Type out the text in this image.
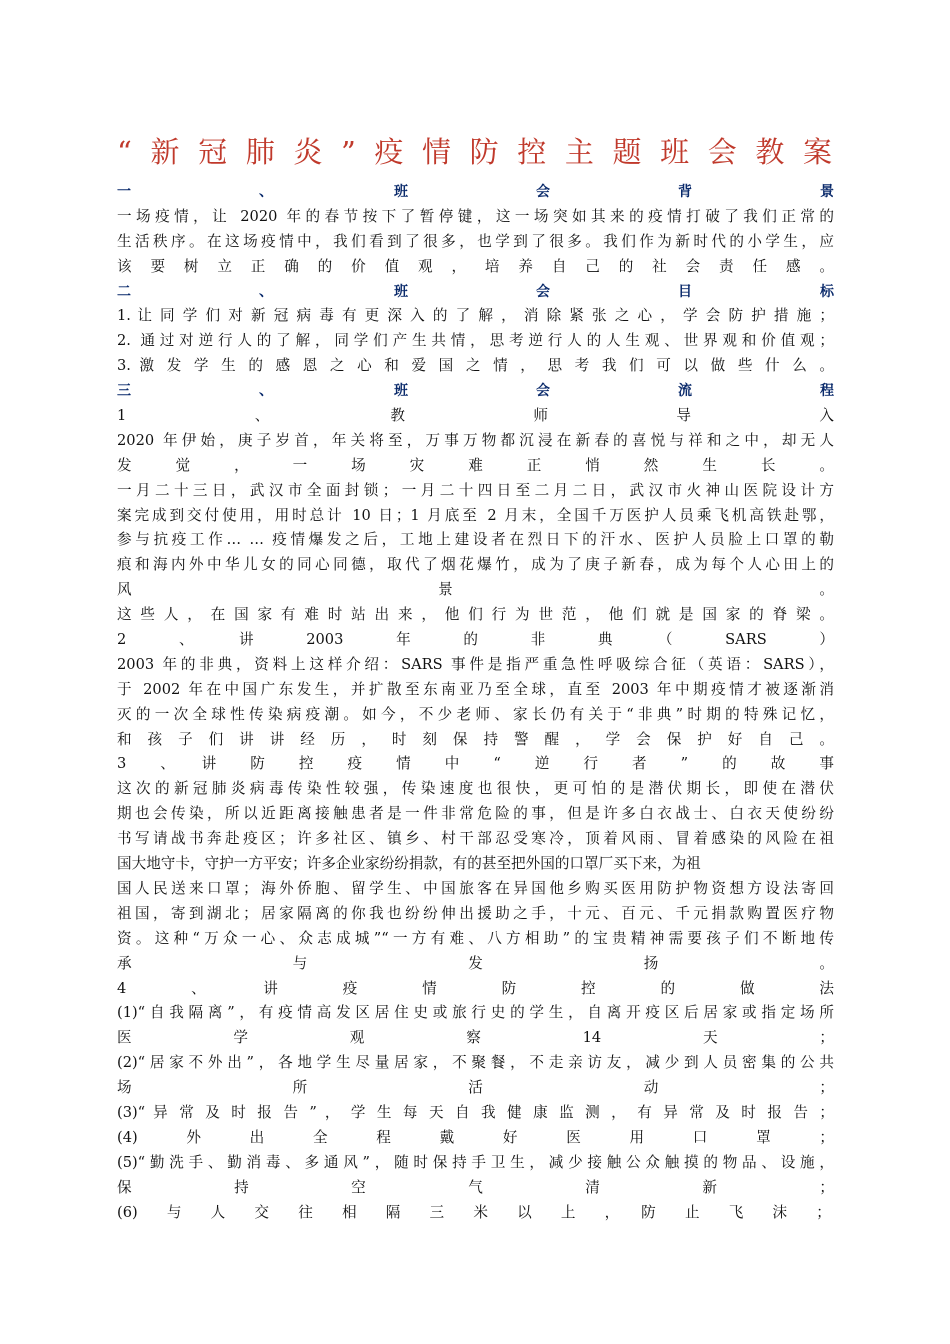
“新冠肺炎”疫情防控主题班会教案
一　　　　　　、　　　　　　班　　　　　　会　　　　　　背　　　　　　景
一场疫情，让 2020 年的春节按下了暂停键，这一场突如其来的疫情打破了我们正常的
生活秩序。在这场疫情中，我们看到了很多，也学到了很多。我们作为新时代的小学生，应
该 要 树 立 正 确 的 价 值 观 ， 培 养 自 己 的 社 会 责 任 感 。
二　　　　　　、　　　　　　班　　　　　　会　　　　　　目　　　　　　标
1. 让 同 学 们 对 新 冠 病 毒 有 更 深 入 的 了 解 ， 消 除 紧 张 之 心 ， 学 会 防 护 措 施 ；
2. 通过对逆行人的了解，同学们产生共情，思考逆行人的人生观、世界观和价值观；
3. 激 发 学 生 的 感 恩 之 心 和 爱 国 之 情 ， 思 考 我 们 可 以 做 些 什 么 。
三　　　　　　、　　　　　　班　　　　　　会　　　　　　流　　　　　　程
1　　　　、　　　　教　　　　师　　　　导　　　　入
2020 年伊始，庚子岁首，年关将至，万事万物都沉浸在新春的喜悦与祥和之中，却无人
发 　　觉 　　， 　　一 　　场 　　灾 　　难 　　正 　　悄 　　然 　　生 　　长 　　。
一月二十三日，武汉市全面封锁；一月二十四日至二月二日，武汉市火神山医院设计方
案完成到交付使用，用时总计 10 日；1 月底至 2 月末，全国千万医护人员乘飞机高铁赴鄂，
参与抗疫工作… … 疫情爆发之后，工地上建设者在烈日下的汗水、医护人员脸上口罩的勒
痕和海内外中华儿女的同心同德，取代了烟花爆竹，成为了庚子新春，成为每个人心田上的
风　　　　　　　　　　　　　　　景　　　　　　　　　　　　　　　　　　。
这 些 人 ， 在 国 家 有 难 时 站 出 来 ， 他 们 行 为 世 范 ， 他 们 就 是 国 家 的 脊 梁 。
2　　　、　　　讲　　　2003　　　年　　　的　　　非　　　典　　　（　　　SARS　　　）
2003 年的非典，资料上这样介绍：SARS 事件是指严重急性呼吸综合征（英语：SARS），
于 2002 年在中国广东发生，并扩散至东南亚乃至全球，直至 2003 年中期疫情才被逐渐消
灭的一次全球性传染病疫潮。如今，不少老师、家长仍有关于“非典”时期的特殊记忆，
和 孩 子 们 讲 讲 经 历 ， 时 刻 保 持 警 醒 ， 学 会 保 护 好 自 己 。
3　　、　　讲　　防　　控　　疫　　情　　中　　“　　逆　　行　　者　　”　　的　　故　　事
这次的新冠肺炎病毒传染性较强，传染速度也很快，更可怕的是潜伏期长，即使在潜伏
期也会传染，所以近距离接触患者是一件非常危险的事，但是许多白衣战士、白衣天使纷纷
书写请战书奔赴疫区；许多社区、镇乡、村干部忍受寒冷，顶着风雨、冒着感染的风险在祖
国大地守卡，守护一方平安；许多企业家纷纷捐款，有的甚至把外国的口罩厂买下来，为祖
国人民送来口罩；海外侨胞、留学生、中国旅客在异国他乡购买医用防护物资想方设法寄回
祖国，寄到湖北；居家隔离的你我也纷纷伸出援助之手，十元、百元、千元捐款购置医疗物
资。这种“万众一心、众志成城”“一方有难、八方相助”的宝贵精神需要孩子们不断地传
承　　　　　　　　与　　　　　　　　发　　　　　　　　扬　　　　　　　　。
4　　　、　　　讲　　　疫　　　情　　　防　　　控　　　的　　　做　　　法
(1)“自我隔离”，有疫情高发区居住史或旅行史的学生，自离开疫区后居家或指定场所
医　　　　　学　　　　　观　　　　　察　　　　　14　　　　　天　　　　　；
(2)“居家不外出”，各地学生尽量居家，不聚餐，不走亲访友，减少到人员密集的公共
场　　　　　　　　所　　　　　　　　活　　　　　　　　动　　　　　　　　；
(3)“ 异 常 及 时 报 告 ” ， 学 生 每 天 自 我 健 康 监 测 ， 有 异 常 及 时 报 告 ；
(4)　　　外　　　出　　　全　　　程　　　戴　　　好　　　医　　　用　　　口　　　罩　　　；
(5)“勤洗手、勤消毒、多通风”，随时保持手卫生，减少接触公众触摸的物品、设施，
保　　　　　持　　　　　空　　　　　气　　　　　清　　　　　新　　　　　；
(6)　　与　　人　　交　　往　　相　　隔　　三　　米　　以　　上　　，　　防　　止　　飞　　沫　　；
